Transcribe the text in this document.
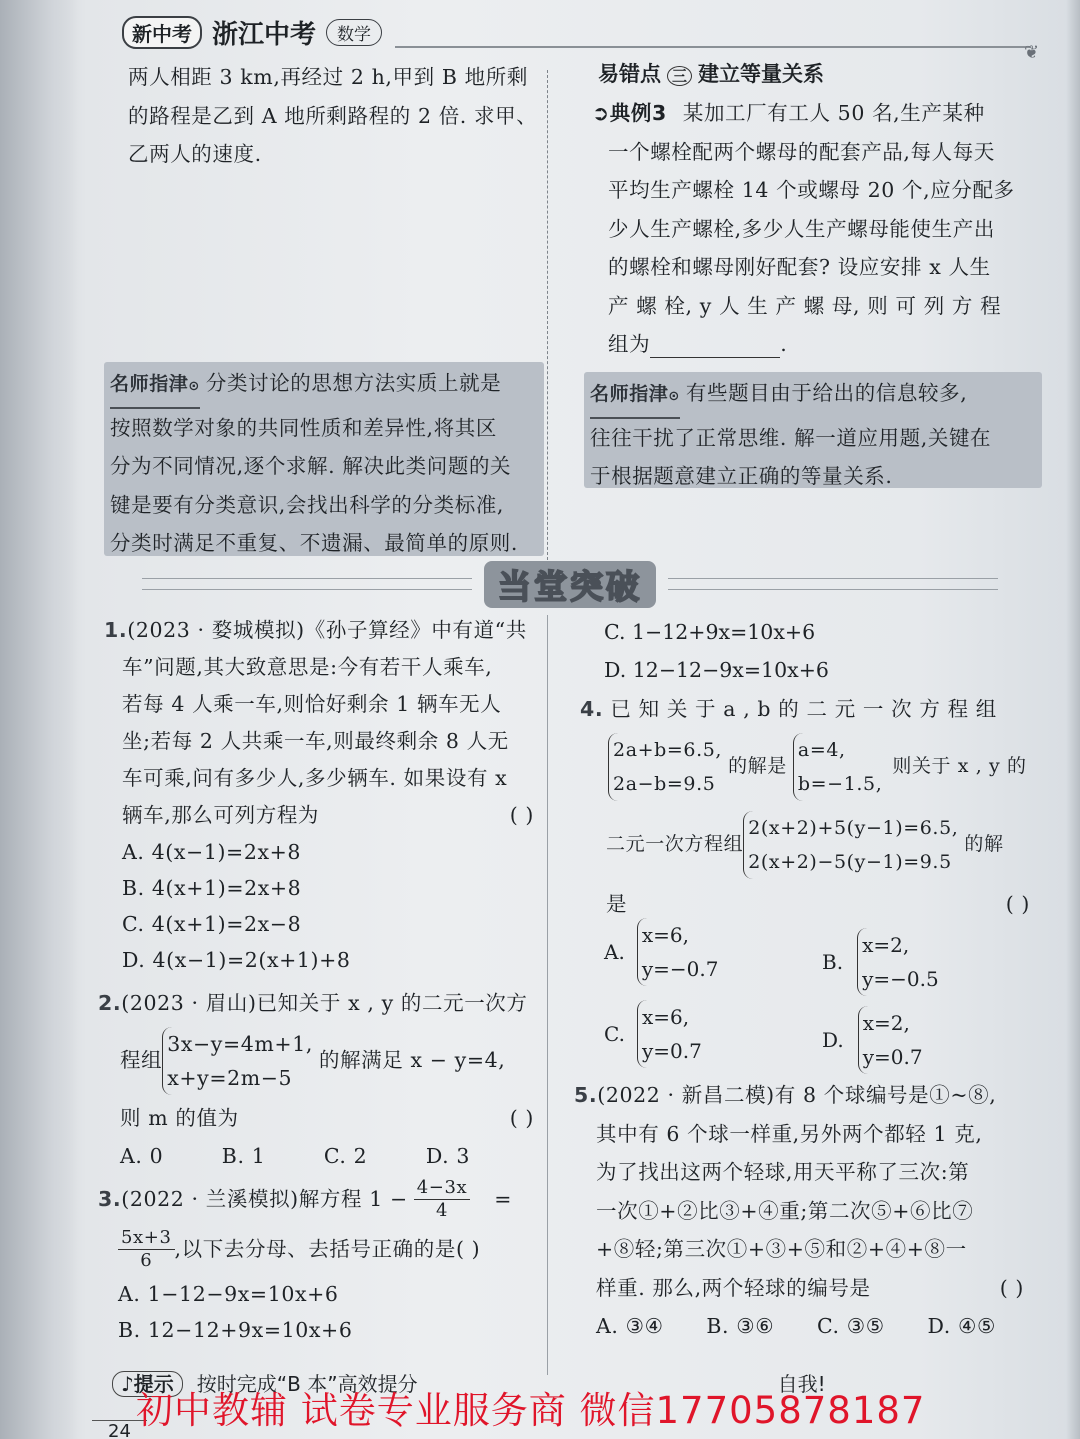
新中考 浙江中考	数学
❦
两人相距 3 km,再经过 2 h,甲到 B 地所剩
的路程是乙到 A 地所剩路程的 2 倍. 求甲、
乙两人的速度.
名师指津⊙ 分类讨论的思想方法实质上就是
按照数学对象的共同性质和差异性,将其区
分为不同情况,逐个求解. 解决此类问题的关
键是要有分类意识,会找出科学的分类标准,
分类时满足不重复、不遗漏、最简单的原则.
易错点 三 建立等量关系
➲典例3 某加工厂有工人 50 名,生产某种
一个螺栓配两个螺母的配套产品,每人每天
平均生产螺栓 14 个或螺母 20 个,应分配多
少人生产螺栓,多少人生产螺母能使生产出
的螺栓和螺母刚好配套? 设应安排 x 人生
产 螺 栓, y 人 生 产 螺 母, 则 可 列 方 程
组为	.
名师指津⊙ 有些题目由于给出的信息较多,
往往干扰了正常思维. 解一道应用题,关键在
于根据题意建立正确的等量关系.
当堂突破
1.(2023 · 婺城模拟)《孙子算经》中有道“共
车”问题,其大致意思是:今有若干人乘车,
若每 4 人乘一车,则恰好剩余 1 辆车无人
坐;若每 2 人共乘一车,则最终剩余 8 人无
车可乘,问有多少人,多少辆车. 如果设有 x
辆车,那么可列方程为	( )
A. 4(x−1)=2x+8
B. 4(x+1)=2x+8
C. 4(x+1)=2x−8
D. 4(x−1)=2(x+1)+8
2.(2023 · 眉山)已知关于 x , y 的二元一次方
程组
3x−y=4m+1,
x+y=2m−5
的解满足 x − y=4,
则 m 的值为	( )
A. 0	B. 1	C. 2	D. 3
3. (2022 · 兰溪模拟)解方程 $1 - \frac{4-3x}{4}$ =
$\frac{5x+3}{6}$ ,以下去分母、去括号正确的是 ( )
A. 1−12−9x=10x+6
B. 12−12+9x=10x+6
C. 1−12+9x=10x+6
D. 12−12−9x=10x+6
4. 已 知 关 于 a , b 的 二 元 一 次 方 程 组
2a+b=6.5,
2a−b=9.5
的解是
a=4,
b=−1.5,
则关于 x , y 的
二元一次方程组
2(x+2)+5(y−1)=6.5,
2(x+2)−5(y−1)=9.5
的解
是	( )
A.
x=6,
y=−0.7	B.
x=2,
y=−0.5
C.
x=6,
y=0.7	D.
x=2,
y=0.7
5.(2022 · 新昌二模)有 8 个球编号是①~⑧,
其中有 6 个球一样重,另外两个都轻 1 克,
为了找出这两个轻球,用天平称了三次:第
一次①+②比③+④重;第二次⑤+⑥比⑦
+⑧轻;第三次①+③+⑤和②+④+⑧一
样重. 那么,两个轻球的编号是	( )
A. ③④ B. ③⑥ C. ③⑤ D. ④⑤
♪提示 按时完成“B 本”高效提分	自我!
24 初中教辅 试卷专业服务商 微信17705878187
